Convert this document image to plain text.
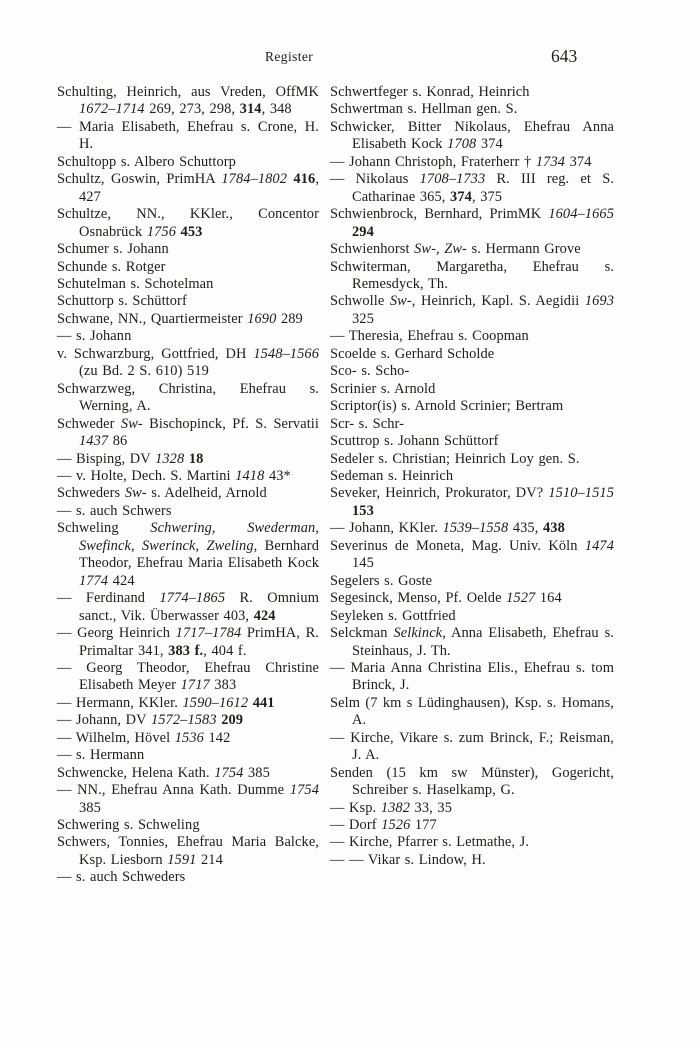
Register	643

Schulting, Heinrich, aus Vreden, OffMK 1672–1714 269, 273, 298, 314, 348

— Maria Elisabeth, Ehefrau s. Crone, H. H.

Schultopp s. Albero Schuttorp

Schultz, Goswin, PrimHA 1784–1802 416, 427

Schultze, NN., KKler., Concentor Osnabrück 1756 453

Schumer s. Johann

Schunde s. Rotger

Schutelman s. Schotelman

Schuttorp s. Schüttorf

Schwane, NN., Quartiermeister 1690 289

— s. Johann

v. Schwarzburg, Gottfried, DH 1548–1566 (zu Bd. 2 S. 610) 519

Schwarzweg, Christina, Ehefrau s. Werning, A.

Schweder Sw- Bischopinck, Pf. S. Servatii 1437 86

— Bisping, DV 1328 18

— v. Holte, Dech. S. Martini 1418 43*

Schweders Sw- s. Adelheid, Arnold

— s. auch Schwers

Schweling Schwering, Swederman, Swefinck, Swerinck, Zweling, Bernhard Theodor, Ehefrau Maria Elisabeth Kock 1774 424

— Ferdinand 1774–1865 R. Omnium sanct., Vik. Überwasser 403, 424

— Georg Heinrich 1717–1784 PrimHA, R. Primaltar 341, 383 f., 404 f.

— Georg Theodor, Ehefrau Christine Elisabeth Meyer 1717 383

— Hermann, KKler. 1590–1612 441

— Johann, DV 1572–1583 209

— Wilhelm, Hövel 1536 142

— s. Hermann

Schwencke, Helena Kath. 1754 385

— NN., Ehefrau Anna Kath. Dumme 1754 385

Schwering s. Schweling

Schwers, Tonnies, Ehefrau Maria Balcke, Ksp. Liesborn 1591 214

— s. auch Schweders

Schwertfeger s. Konrad, Heinrich

Schwertman s. Hellman gen. S.

Schwicker, Bitter Nikolaus, Ehefrau Anna Elisabeth Kock 1708 374

— Johann Christoph, Fraterherr † 1734 374

— Nikolaus 1708–1733 R. III reg. et S. Catharinae 365, 374, 375

Schwienbrock, Bernhard, PrimMK 1604–1665 294

Schwienhorst Sw-, Zw- s. Hermann Grove

Schwiterman, Margaretha, Ehefrau s. Remesdyck, Th.

Schwolle Sw-, Heinrich, Kapl. S. Aegidii 1693 325

— Theresia, Ehefrau s. Coopman

Scoelde s. Gerhard Scholde

Sco- s. Scho-

Scrinier s. Arnold

Scriptor(is) s. Arnold Scrinier; Bertram

Scr- s. Schr-

Scuttrop s. Johann Schüttorf

Sedeler s. Christian; Heinrich Loy gen. S.

Sedeman s. Heinrich

Seveker, Heinrich, Prokurator, DV? 1510–1515 153

— Johann, KKler. 1539–1558 435, 438

Severinus de Moneta, Mag. Univ. Köln 1474 145

Segelers s. Goste

Segesinck, Menso, Pf. Oelde 1527 164

Seyleken s. Gottfried

Selckman Selkinck, Anna Elisabeth, Ehefrau s. Steinhaus, J. Th.

— Maria Anna Christina Elis., Ehefrau s. tom Brinck, J.

Selm (7 km s Lüdinghausen), Ksp. s. Homans, A.

— Kirche, Vikare s. zum Brinck, F.; Reisman, J. A.

Senden (15 km sw Münster), Gogericht, Schreiber s. Haselkamp, G.

— Ksp. 1382 33, 35

— Dorf 1526 177

— Kirche, Pfarrer s. Letmathe, J.

— — Vikar s. Lindow, H.
